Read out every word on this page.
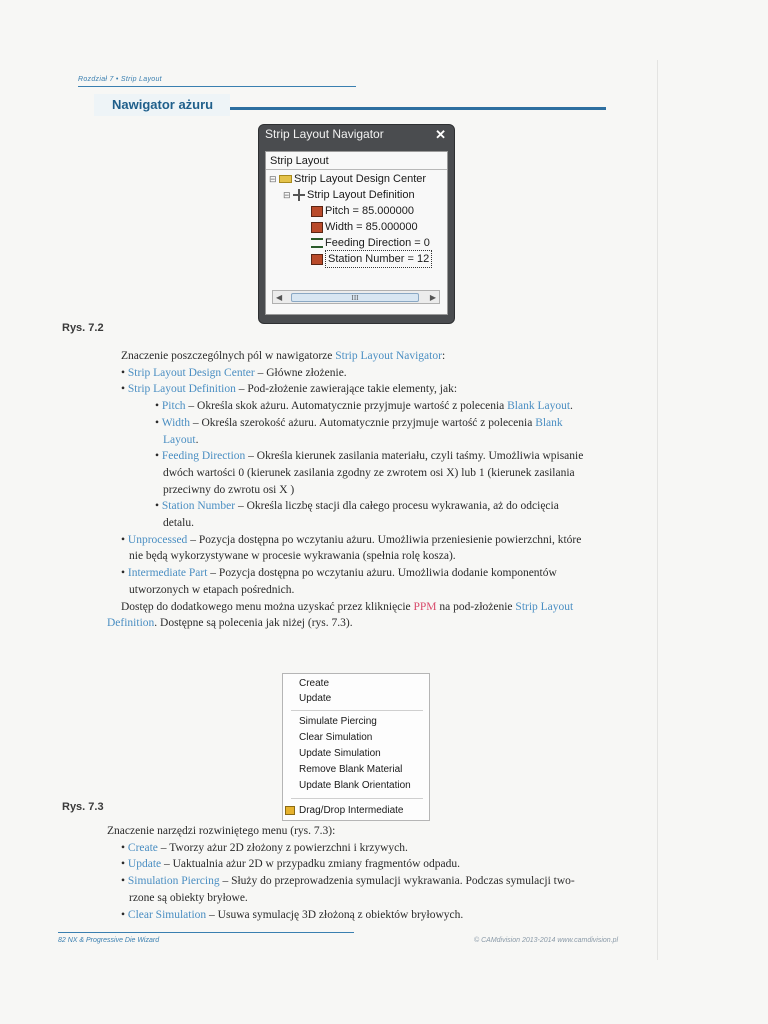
Rozdział 7 • Strip Layout
Nawigator ażuru
Strip Layout Navigator	✕
Strip Layout
⊟ Strip Layout Design Center
⊟ Strip Layout Definition
Pitch = 85.000000
Width = 85.000000
Feeding Direction = 0
Station Number = 12
◀	III	▶
Rys. 7.2

Znaczenie poszczególnych pól w nawigatorze Strip Layout Navigator:

• Strip Layout Design Center – Główne złożenie.

• Strip Layout Definition – Pod-złożenie zawierające takie elementy, jak:

• Pitch – Określa skok ażuru. Automatycznie przyjmuje wartość z polecenia Blank Layout.

• Width – Określa szerokość ażuru. Automatycznie przyjmuje wartość z polecenia Blank

Layout.

• Feeding Direction – Określa kierunek zasilania materiału, czyli taśmy. Umożliwia wpisanie

dwóch wartości 0 (kierunek zasilania zgodny ze zwrotem osi X) lub 1 (kierunek zasilania

przeciwny do zwrotu osi X )

• Station Number – Określa liczbę stacji dla całego procesu wykrawania, aż do odcięcia

detalu.

• Unprocessed – Pozycja dostępna po wczytaniu ażuru. Umożliwia przeniesienie powierzchni, które

nie będą wykorzystywane w procesie wykrawania (spełnia rolę kosza).

• Intermediate Part – Pozycja dostępna po wczytaniu ażuru. Umożliwia dodanie komponentów

utworzonych w etapach pośrednich.

Dostęp do dodatkowego menu można uzyskać przez kliknięcie PPM na pod-złożenie Strip Layout

Definition. Dostępne są polecenia jak niżej (rys. 7.3).

Create
Update
Simulate Piercing
Clear Simulation
Update Simulation
Remove Blank Material
Update Blank Orientation
Drag/Drop Intermediate
Rys. 7.3

Znaczenie narzędzi rozwiniętego menu (rys. 7.3):

• Create – Tworzy ażur 2D złożony z powierzchni i krzywych.

• Update – Uaktualnia ażur 2D w przypadku zmiany fragmentów odpadu.

• Simulation Piercing – Służy do przeprowadzenia symulacji wykrawania. Podczas symulacji two-

rzone są obiekty bryłowe.

• Clear Simulation – Usuwa symulację 3D złożoną z obiektów bryłowych.

82 NX & Progressive Die Wizard	© CAMdivision 2013-2014 www.camdivision.pl
